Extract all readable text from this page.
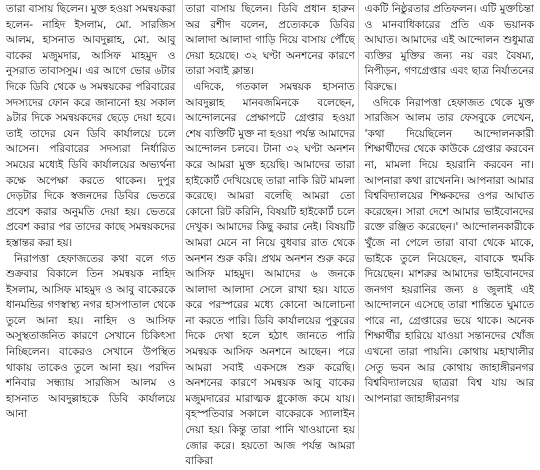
তারা বাসায় ছিলেন। মুক্ত হওয়া সমন্বয়করা হলেন- নাহিদ ইসলাম, মো. সারজিস আলম, হাসনাত আবদুল্লাহ, মো. আবু বাকের মজুমদার, আসিফ মাহমুদ ও নুসরাত তাবাসসুম। এর আগে ভোর ৬টার দিকে ডিবি থেকে ৬ সমন্বয়কের পরিবারের সদস্যদের ফোন করে জানানো হয় সকাল ৯টার দিকে সমন্বয়কদের ছেড়ে দেয়া হবে। তাই তাদের যেন ডিবি কার্যালয়ে চলে আসেন। পরিবারের সদস্যরা নির্ধারিত সময়ের মধ্যেই ডিবি কার্যালয়ের অভ্যর্থনা কক্ষে অপেক্ষা করতে থাকেন। দুপুর দেড়টার দিকে স্বজনদের ডিবির ভেতরে প্রবেশ করার অনুমতি দেয়া হয়। ভেতরে প্রবেশ করার পর তাদের কাছে সমন্বয়কদের হস্তান্তর করা হয়।

নিরাপত্তা হেফাজতের কথা বলে গত শুক্রবার বিকালে তিন সমন্বয়ক নাহিদ ইসলাম, আসিফ মাহমুদ ও আবু বাকেরকে ধানমন্ডির গণস্বাস্থ্য নগর হাসপাতাল থেকে তুলে আনা হয়। নাহিদ ও আসিফ অসুস্থতাজনিত কারণে সেখানে চিকিৎসা নিচ্ছিলেন। বাকেরও সেখানে উপস্থিত থাকায় তাকেও তুলে আনা হয়। পরদিন শনিবার সন্ধ্যায় সারজিস আলম ও হাসনাত আবদুল্লাহকে ডিবি কার্যালয়ে আনা

তারা বাসায় ছিলেন। ডিবি প্রধান হারুন অর রশীদ বলেন, প্রত্যেককে ডিবির আলাদা আলাদা গাড়ি দিয়ে বাসায় পৌঁছে দেয়া হয়েছে। ৩২ ঘণ্টা অনশনের কারণে তারা সবাই ক্লান্ত।

এদিকে, গতকাল সমন্বয়ক হাসনাত আবদুল্লাহ মানবজমিনকে বলেছেন, আন্দোলনের প্রেক্ষাপটে গ্রেপ্তার হওয়া শেষ ব্যক্তিটি মুক্ত না হওয়া পর্যন্ত আমাদের আন্দোলন চলবে। টানা ৩২ ঘণ্টা অনশন করে আমরা মুক্ত হয়েছি। আমাদের তারা হাইকোর্ট দেখিয়েছে তারা নাকি রিট মামলা করেছে। আমরা বলেছি আমরা তো কোনো রিট করিনি, বিষয়টি হাইকোর্ট চলে দেখুক। আমাদের কিছু করার নেই। বিষয়টি আমরা মেনে না নিয়ে বুধবার রাত থেকে অনশন শুরু করি। প্রথম অনশন শুরু করে আসিফ মাহমুদ। আমাদের ৬ জনকে আলাদা আলাদা সেলে রাখা হয়। যাতে করে পরস্পরের মধ্যে কোনো আলোচনা না করতে পারি। ডিবি কার্যালয়ের পুকুরের দিকে দেখা হলে হঠাৎ জানতে পারি সমন্বয়ক আসিফ অনশনে আছেন। পরে আমরা সবাই একসঙ্গে শুরু করেছি। অনশনের কারণে সমন্বয়ক আবু বাকের মজুমদারের মারাত্মক গ্লুকোজ কমে যায়। বৃহস্পতিবার সকালে বাকেরকে স্যালাইন দেয়া হয়। কিন্তু তারা পানি খাওয়ানো হয় জোর করে। হয়তো আজ পর্যন্ত আমরা বাকিরা

একটি নিষ্ঠুরতার প্রতিফলন। এটি মুক্তচিন্তা ও মানবাধিকারের প্রতি এক ভয়ানক আঘাত। আমাদের এই আন্দোলন শুধুমাত্র ব্যক্তির মুক্তির জন্য নয় বরং বৈষম্য, নিপীড়ন, গণগ্রেপ্তার এবং ছাত্র নির্যাতনের বিরুদ্ধে।

ওদিকে নিরাপত্তা হেফাজত থেকে মুক্ত সারজিস আলম তার ফেসবুকে লেখেন, 'কথা দিয়েছিলেন আন্দোলনকারী শিক্ষার্থীদের থেকে কাউকে গ্রেপ্তার করবেন না, মামলা দিয়ে হয়রানি করবেন না। আপনারা কথা রাখেননি। আপনারা আমার বিশ্ববিদ্যালয়ের শিক্ষকদের ওপর আঘাত করেছেন। সারা দেশে আমার ভাইবোনদের রক্তে রঞ্জিত করেছেন।' আন্দোলনকারীকে খুঁজে না পেলে তারা বাবা থেকে মাকে, ভাইকে তুলে নিয়েছেন, বাবাকে হুমকি দিয়েছেন। মাশরুর আমাদের ভাইবোনদের জনগণ হয়রানির জন্য ৪ জুলাই এই আন্দোলনে এসেছে তারা শান্তিতে ঘুমাতে পারে না, গ্রেপ্তারের ভয়ে থাকে। অনেক শিক্ষার্থীর হারিয়ে যাওয়া সন্তানদের খোঁজ এখনো তারা পায়নি। কোথায় মহাখালীর সেতু ভবন আর কোথায় জাহাঙ্গীরনগর বিশ্ববিদ্যালয়ের ছাত্ররা বিশ্ব যায় আর আপনারা জাহাঙ্গীরনগর
